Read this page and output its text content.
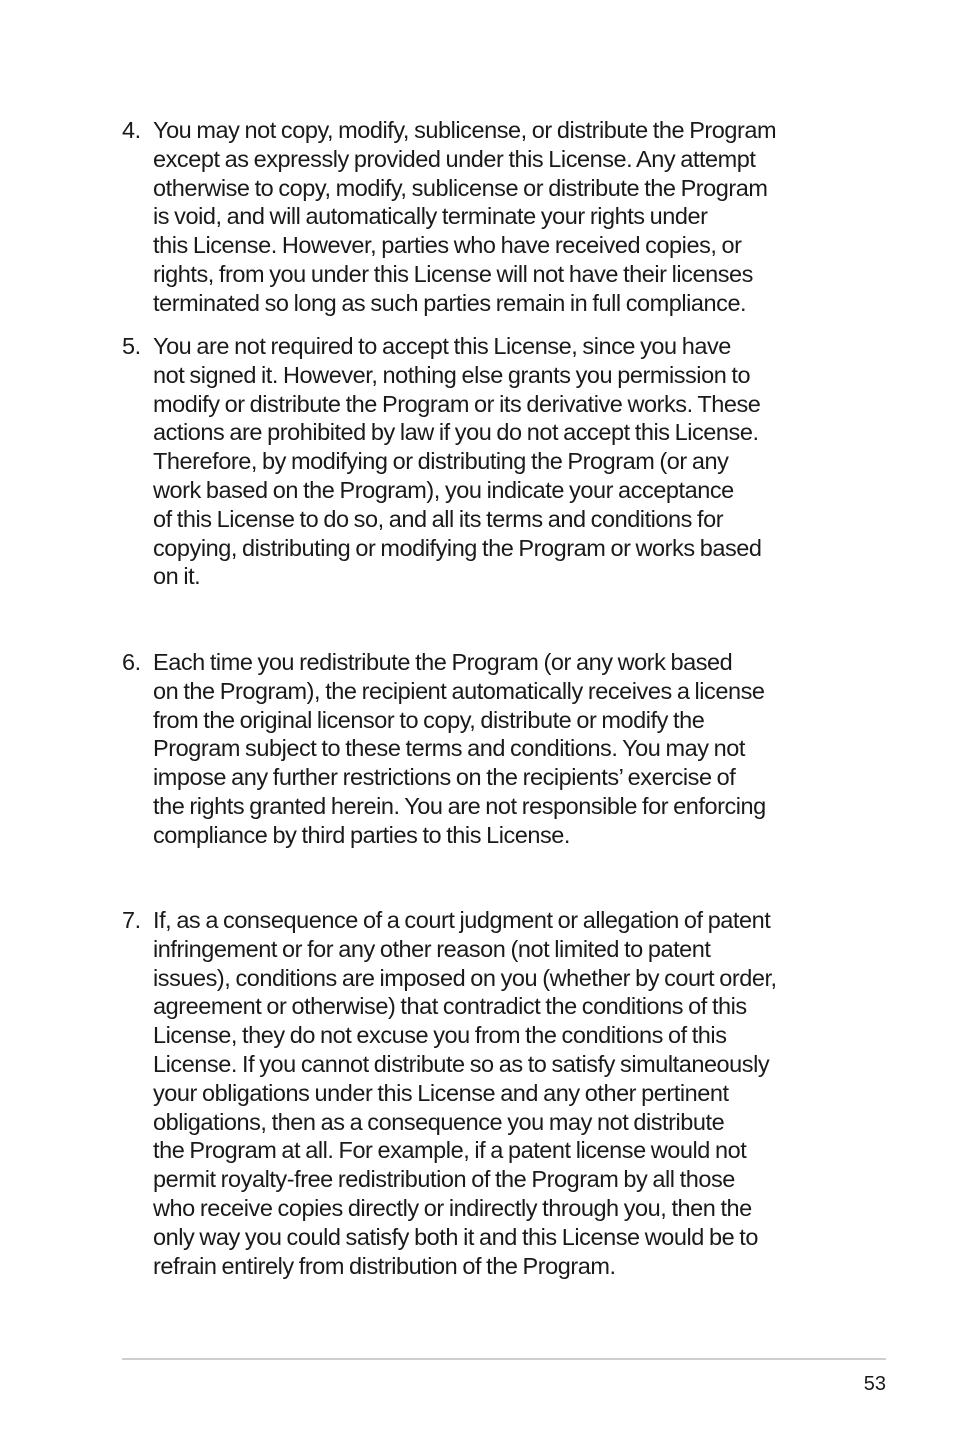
4. You may not copy, modify, sublicense, or distribute the Program
except as expressly provided under this License. Any attempt
otherwise to copy, modify, sublicense or distribute the Program
is void, and will automatically terminate your rights under
this License. However, parties who have received copies, or
rights, from you under this License will not have their licenses
terminated so long as such parties remain in full compliance.
5. You are not required to accept this License, since you have
not signed it. However, nothing else grants you permission to
modify or distribute the Program or its derivative works. These
actions are prohibited by law if you do not accept this License.
Therefore, by modifying or distributing the Program (or any
work based on the Program), you indicate your acceptance
of this License to do so, and all its terms and conditions for
copying, distributing or modifying the Program or works based
on it.
6. Each time you redistribute the Program (or any work based
on the Program), the recipient automatically receives a license
from the original licensor to copy, distribute or modify the
Program subject to these terms and conditions. You may not
impose any further restrictions on the recipients’ exercise of
the rights granted herein. You are not responsible for enforcing
compliance by third parties to this License.
7. If, as a consequence of a court judgment or allegation of patent
infringement or for any other reason (not limited to patent
issues), conditions are imposed on you (whether by court order,
agreement or otherwise) that contradict the conditions of this
License, they do not excuse you from the conditions of this
License. If you cannot distribute so as to satisfy simultaneously
your obligations under this License and any other pertinent
obligations, then as a consequence you may not distribute
the Program at all. For example, if a patent license would not
permit royalty-free redistribution of the Program by all those
who receive copies directly or indirectly through you, then the
only way you could satisfy both it and this License would be to
refrain entirely from distribution of the Program.
53
